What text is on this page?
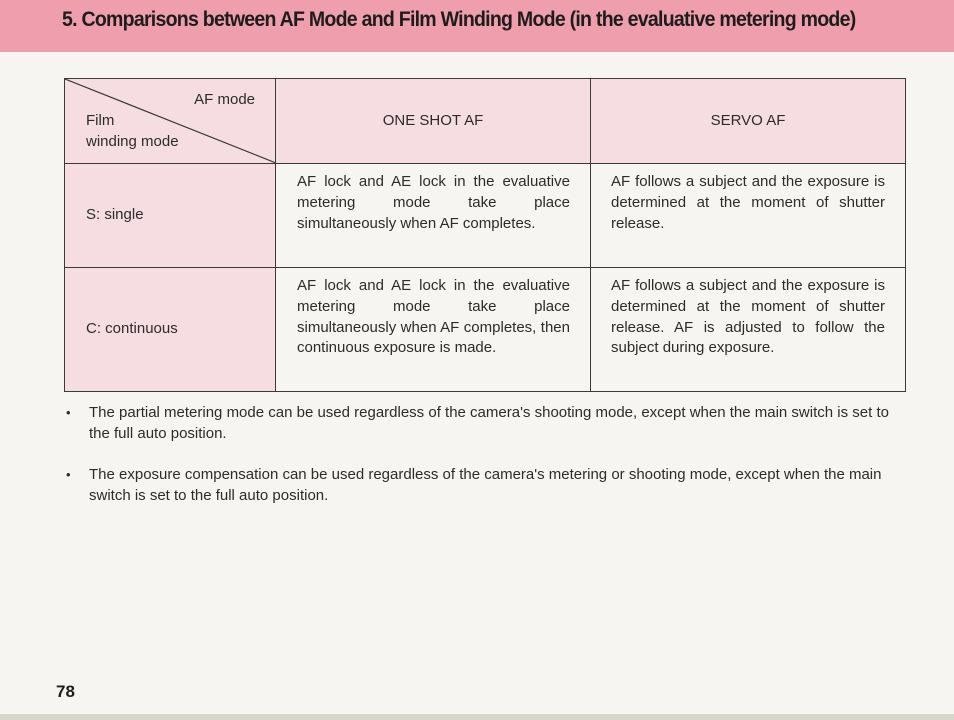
5. Comparisons between AF Mode and Film Winding Mode (in the evaluative metering mode)
AF mode
Film
winding mode	ONE SHOT AF	SERVO AF
S: single	AF lock and AE lock in the evaluative metering mode take place simultaneously when AF completes.	AF follows a subject and the exposure is determined at the moment of shutter release.
C: continuous	AF lock and AE lock in the evaluative metering mode take place simultaneously when AF completes, then continuous exposure is made.	AF follows a subject and the exposure is determined at the moment of shutter release. AF is adjusted to follow the subject during exposure.
• The partial metering mode can be used regardless of the camera's shooting mode, except when the main switch is set to the full auto position.
• The exposure compensation can be used regardless of the camera's metering or shooting mode, except when the main switch is set to the full auto position.
78
